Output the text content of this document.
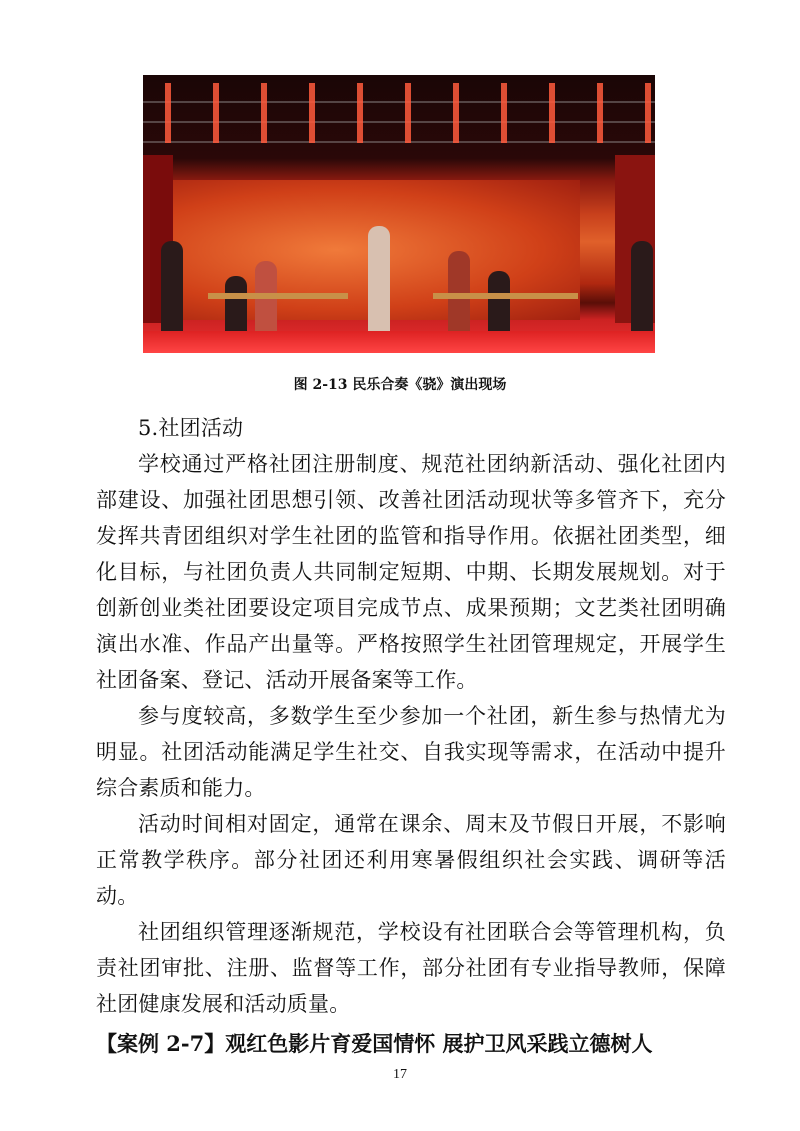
图 2-13 民乐合奏《骁》演出现场

5.社团活动

学校通过严格社团注册制度、规范社团纳新活动、强化社团内部建设、加强社团思想引领、改善社团活动现状等多管齐下，充分发挥共青团组织对学生社团的监管和指导作用。依据社团类型，细化目标，与社团负责人共同制定短期、中期、长期发展规划。对于创新创业类社团要设定项目完成节点、成果预期；文艺类社团明确演出水准、作品产出量等。严格按照学生社团管理规定，开展学生社团备案、登记、活动开展备案等工作。

参与度较高，多数学生至少参加一个社团，新生参与热情尤为明显。社团活动能满足学生社交、自我实现等需求，在活动中提升综合素质和能力。

活动时间相对固定，通常在课余、周末及节假日开展，不影响正常教学秩序。部分社团还利用寒暑假组织社会实践、调研等活动。

社团组织管理逐渐规范，学校设有社团联合会等管理机构，负责社团审批、注册、监督等工作，部分社团有专业指导教师，保障社团健康发展和活动质量。

【案例 2-7】观红色影片育爱国情怀 展护卫风采践立德树人
17
